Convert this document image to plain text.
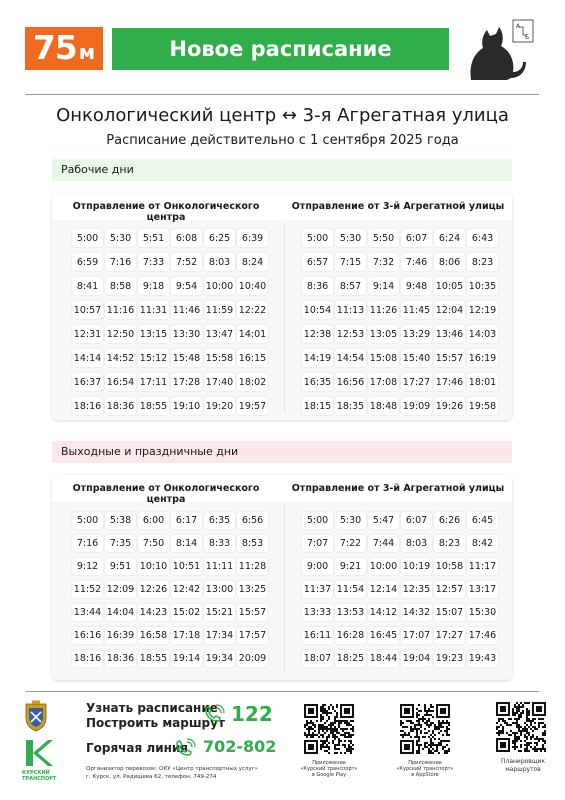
75 м	Новое расписание
А
Б
Онкологический центр ↔ 3-я Агрегатная улица
Расписание действительно с 1 сентября 2025 года
Рабочие дни
Отправление от Онкологического центра
Отправление от 3-й Агрегатной улицы
5:00	5:30	5:51	6:08	6:25	6:39
6:59	7:16	7:33	7:52	8:03	8:24
8:41	8:58	9:18	9:54 10:00 10:40
10:57 11:16 11:31 11:46 11:59 12:22
12:31 12:50 13:15 13:30 13:47 14:01
14:14 14:52 15:12 15:48 15:58 16:15
16:37 16:54 17:11 17:28 17:40 18:02
18:16 18:36 18:55 19:10 19:20 19:57
5:00	5:30	5:50	6:07	6:24	6:43
6:57	7:15	7:32	7:46	8:06	8:23
8:36	8:57	9:14	9:48 10:05 10:35
10:54 11:13 11:26 11:45 12:04 12:19
12:38 12:53 13:05 13:29 13:46 14:03
14:19 14:54 15:08 15:40 15:57 16:19
16:35 16:56 17:08 17:27 17:46 18:01
18:15 18:35 18:48 19:09 19:26 19:58
Выходные и праздничные дни
Отправление от Онкологического центра
Отправление от 3-й Агрегатной улицы
5:00	5:38	6:00	6:17	6:35	6:56
7:16	7:35	7:50	8:14	8:33	8:53
9:12	9:51 10:10 10:51 11:11 11:28
11:52 12:09 12:26 12:42 13:00 13:25
13:44 14:04 14:23 15:02 15:21 15:57
16:16 16:39 16:58 17:18 17:34 17:57
18:16 18:36 18:55 19:14 19:34 20:09
5:00	5:30	5:47	6:07	6:26	6:45
7:07	7:22	7:44	8:03	8:23	8:42
9:00	9:21 10:00 10:19 10:58 11:17
11:37 11:54 12:14 12:35 12:57 13:17
13:33 13:53 14:12 14:32 15:07 15:30
16:11 16:28 16:45 17:07 17:27 17:46
18:07 18:25 18:44 19:04 19:23 19:43
КУРСКИЙ ТРАНСПОРТ
Узнать расписание
Построить маршрут 122
Горячая линия 702-802
Организатор перевозок: ОКУ «Центр транспортных услуг»
г. Курск, ул. Радищева 62, телефон: 749-274
Приложение
«Курский транспорт»
в Google Play
Приложение
«Курский транспорт»
в AppStore
Планировщик
маршрутов
